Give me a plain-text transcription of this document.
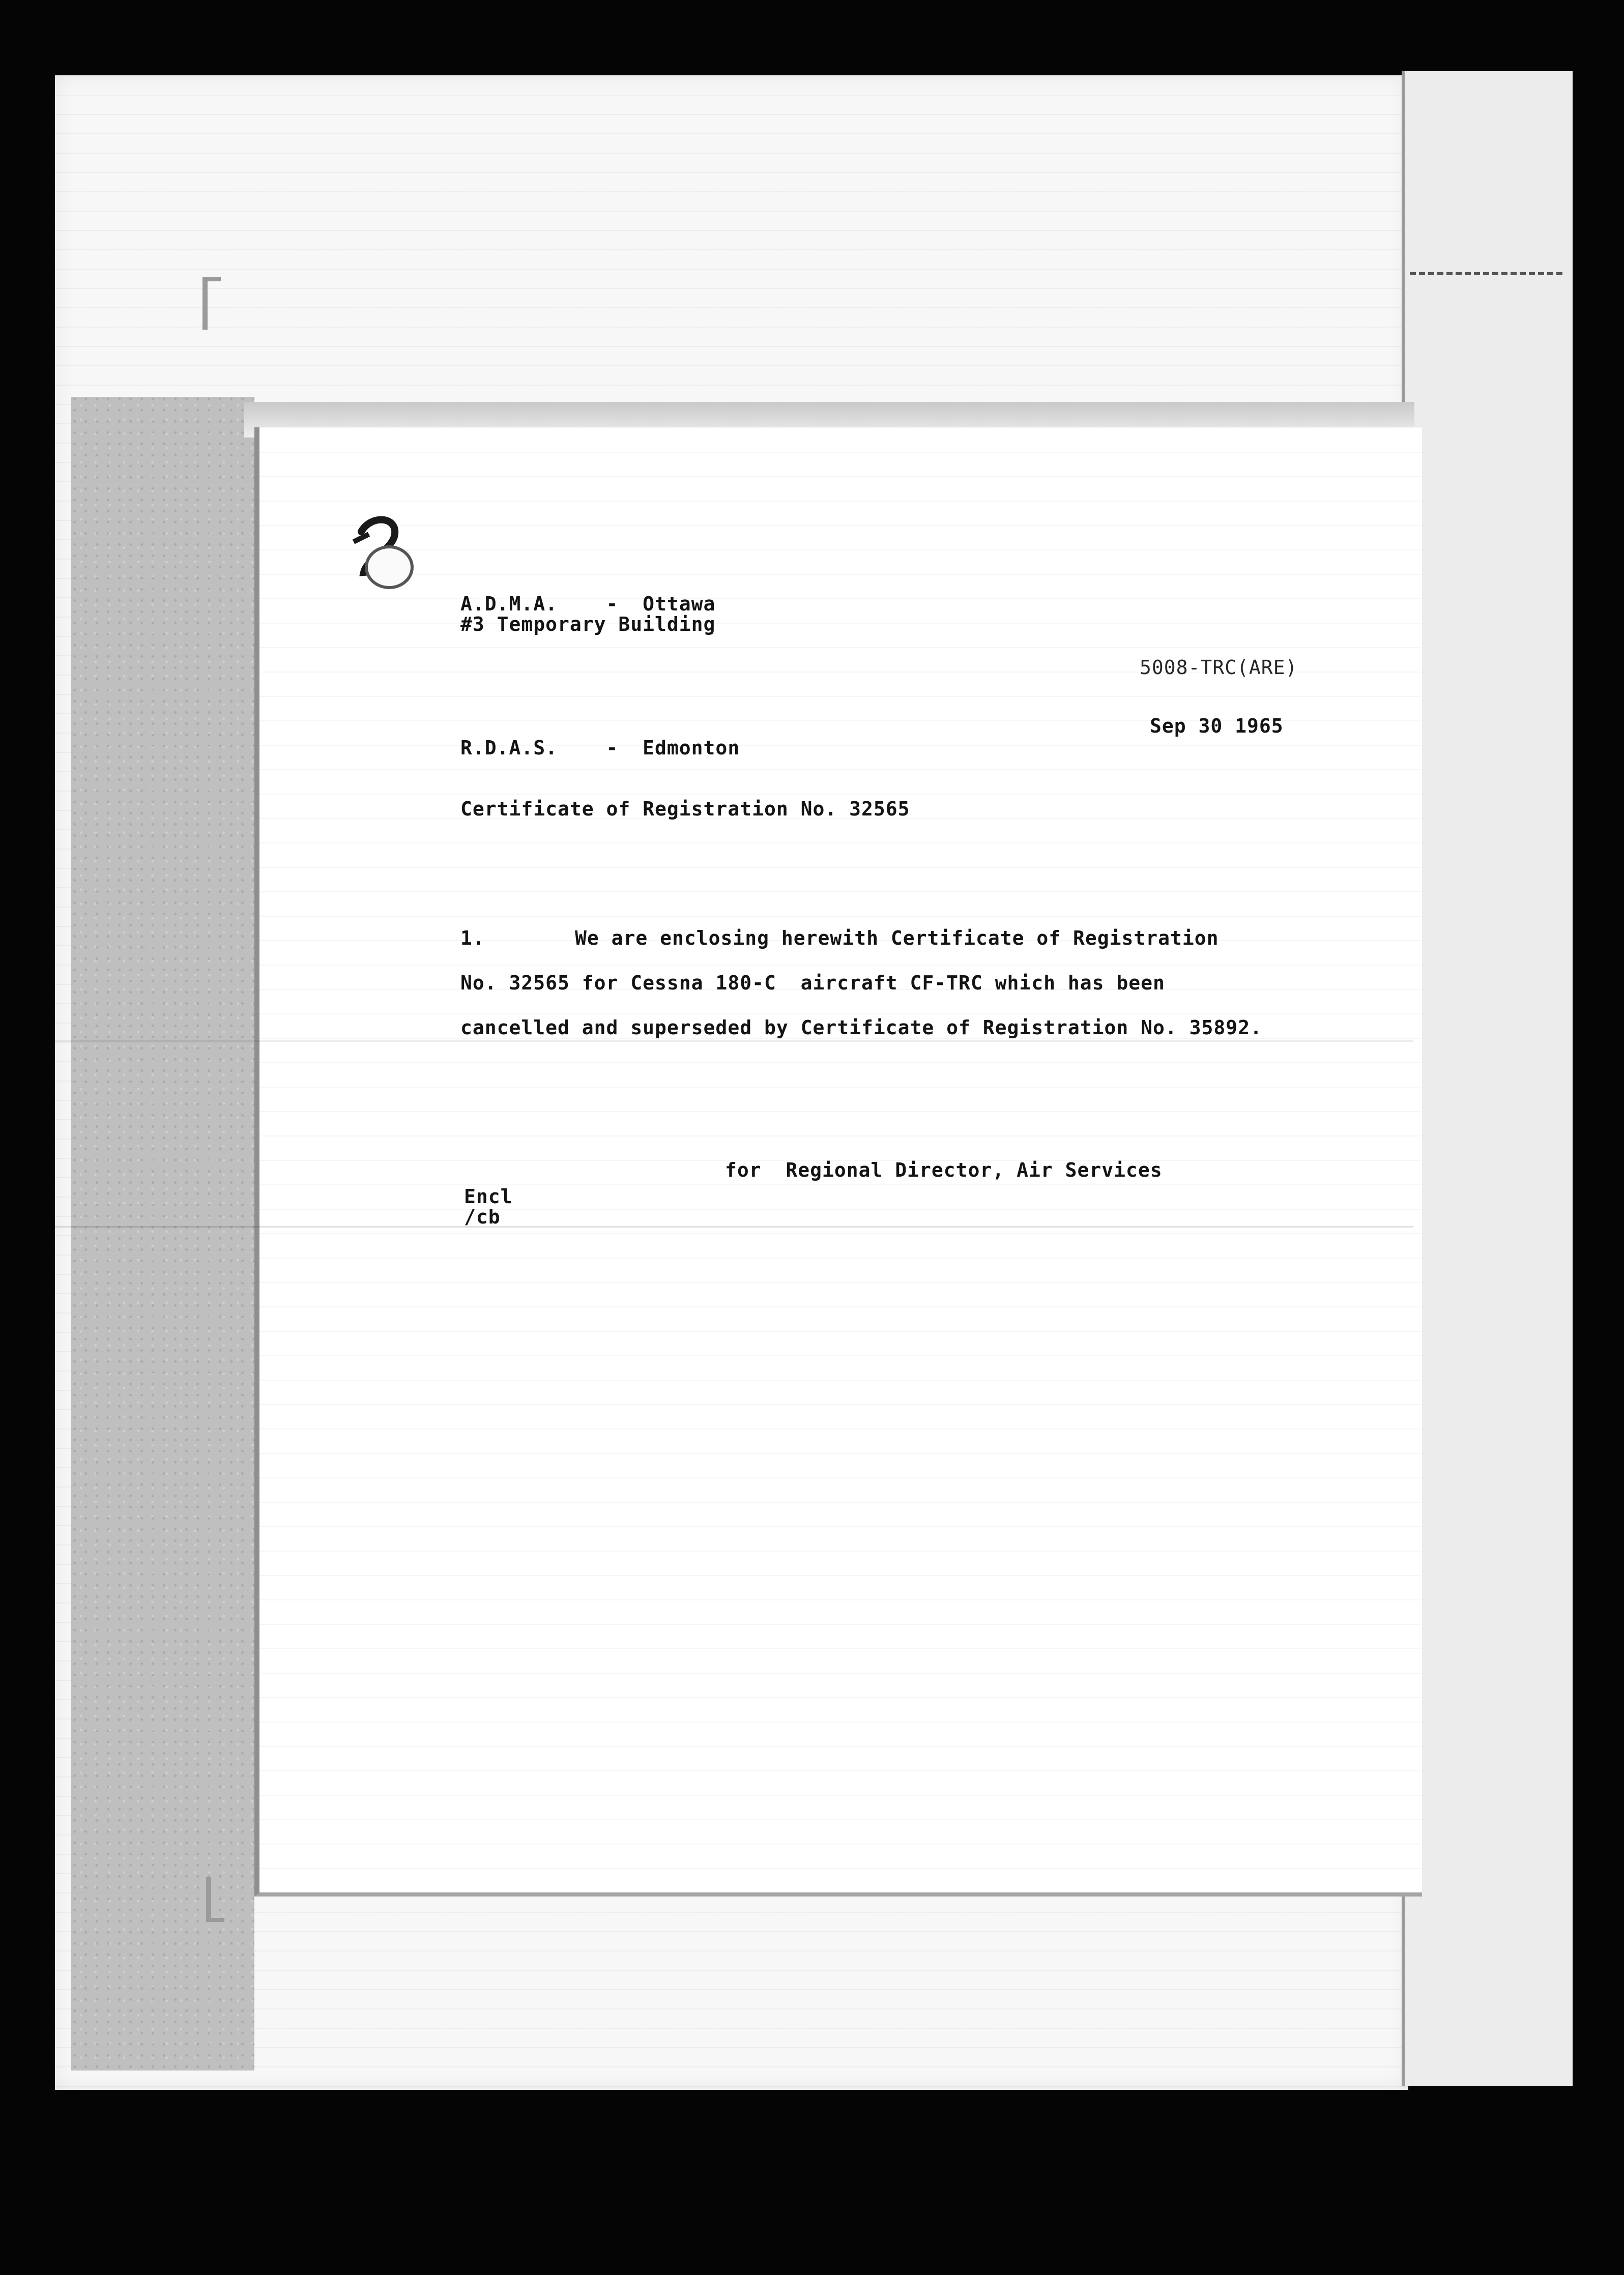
A.D.M.A.    -  Ottawa
#3 Temporary Building
5008-TRC(ARE)
Sep 30 1965
R.D.A.S.    -  Edmonton
Certificate of Registration No. 32565
1.	We are enclosing herewith Certificate of Registration
No. 32565 for Cessna 180-C  aircraft CF-TRC which has been
cancelled and superseded by Certificate of Registration No. 35892.
for  Regional Director, Air Services
Encl
/cb
